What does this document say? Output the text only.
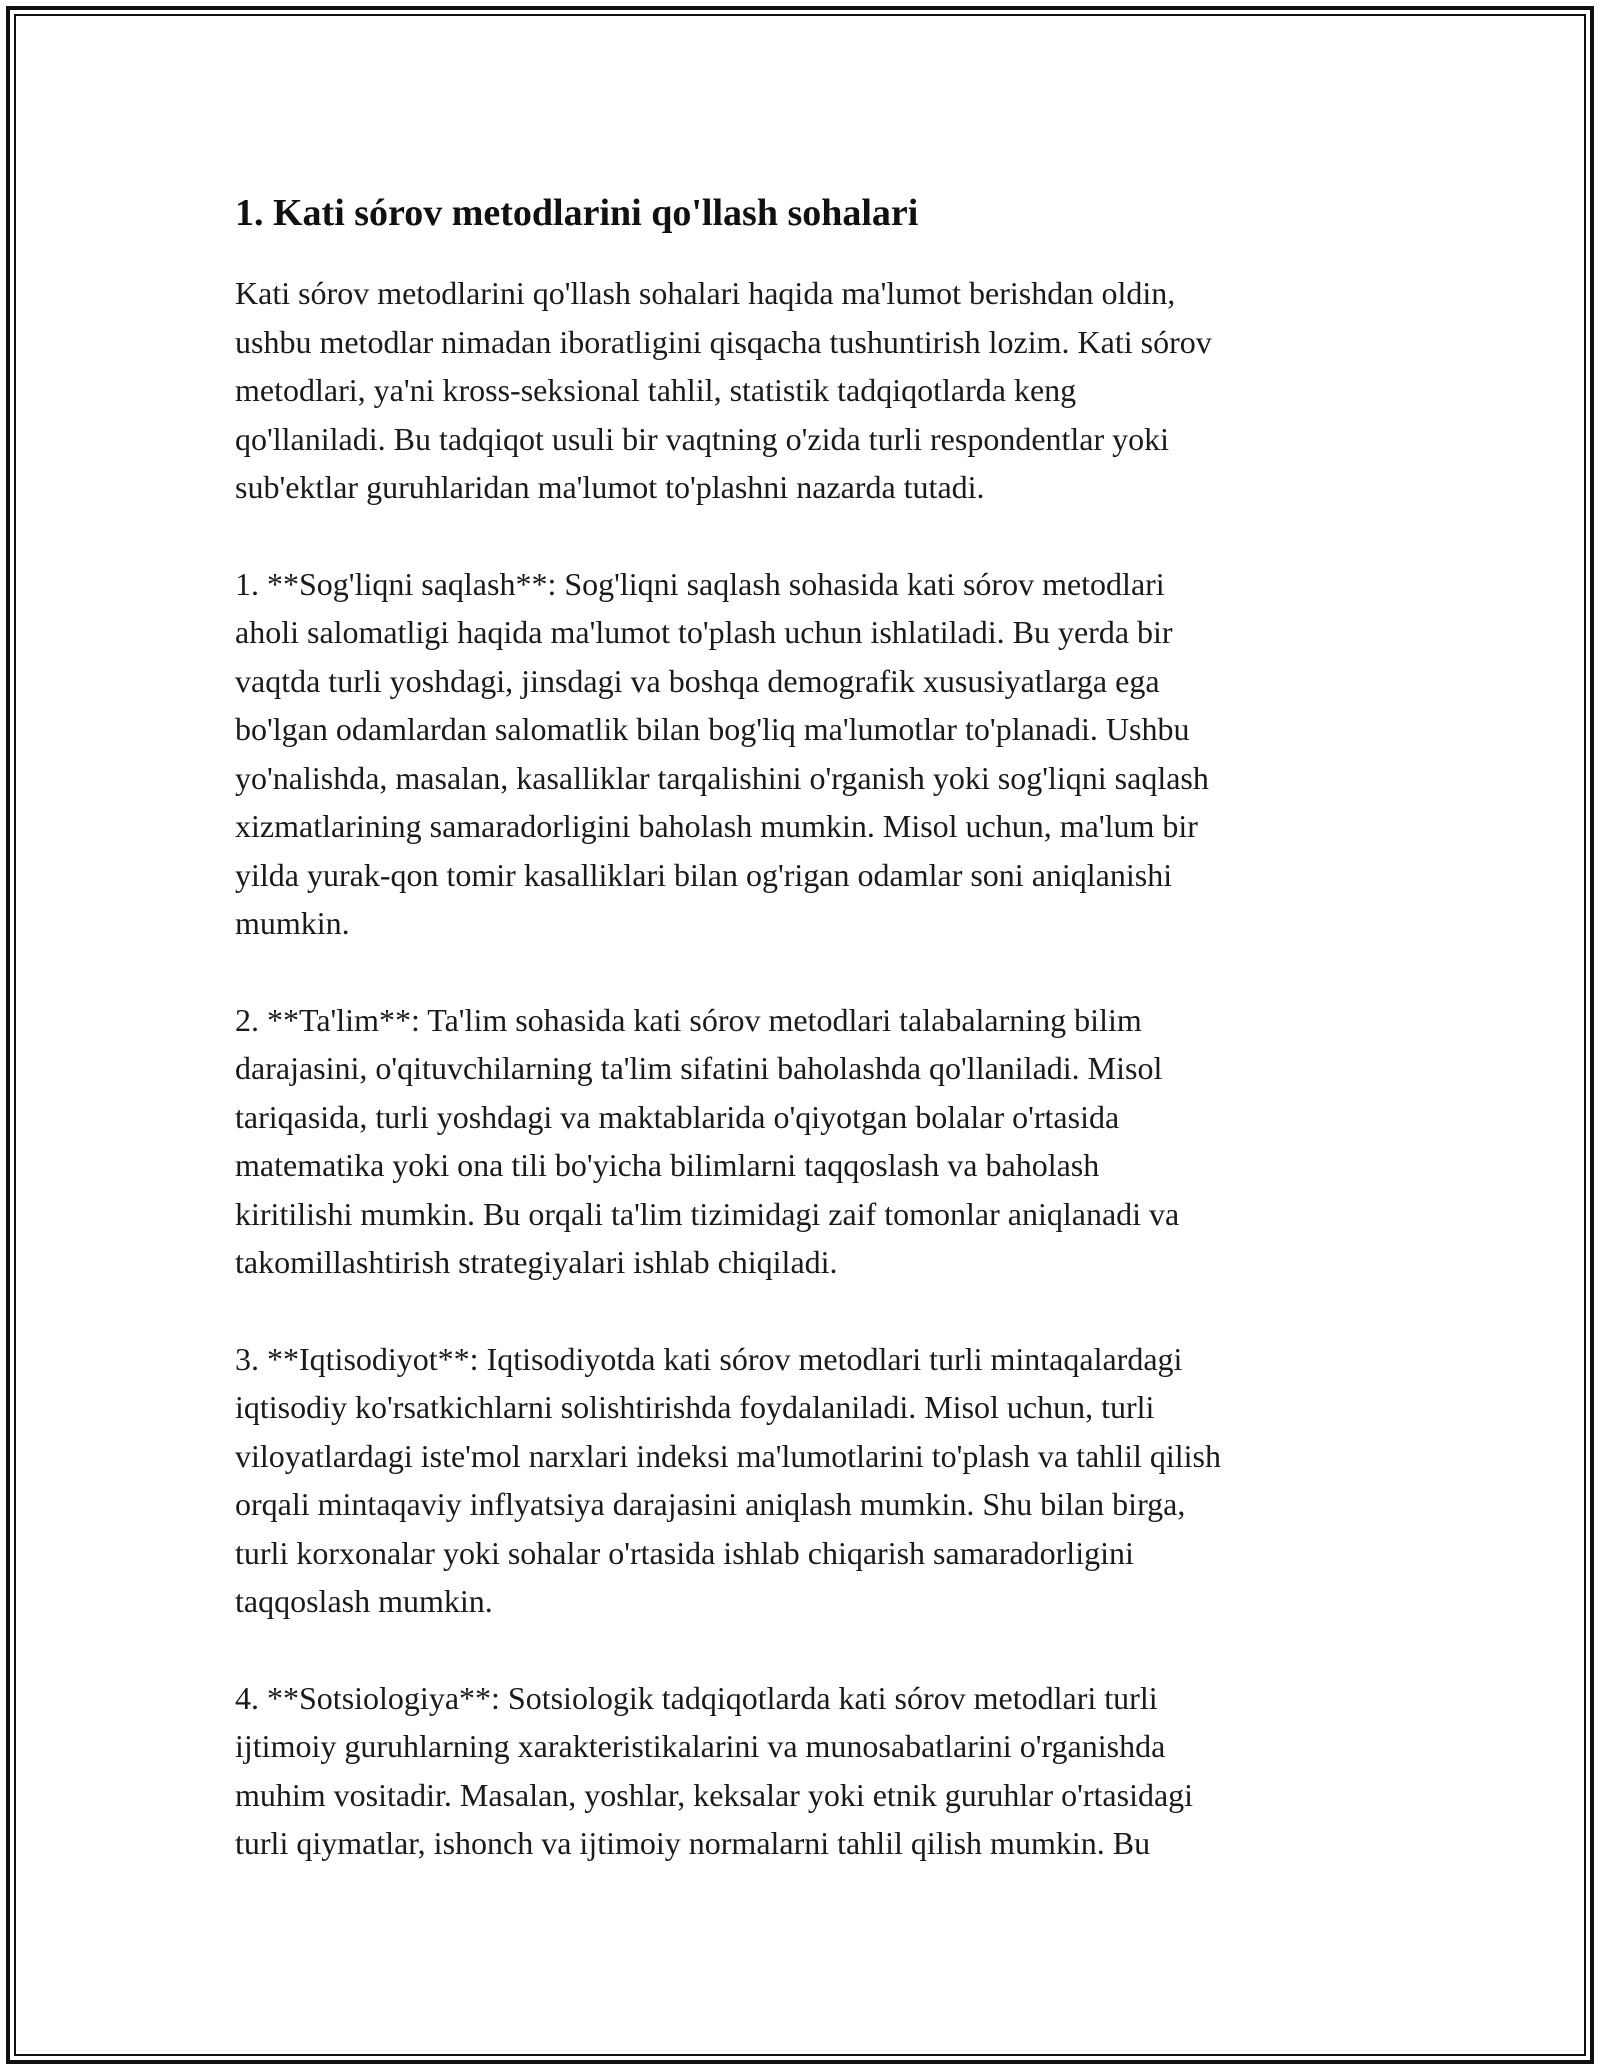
1. Kati sórov metodlarini qo'llash sohalari

Kati sórov metodlarini qo'llash sohalari haqida ma'lumot berishdan oldin,
ushbu metodlar nimadan iboratligini qisqacha tushuntirish lozim. Kati sórov
metodlari, ya'ni kross-seksional tahlil, statistik tadqiqotlarda keng
qo'llaniladi. Bu tadqiqot usuli bir vaqtning o'zida turli respondentlar yoki
sub'ektlar guruhlaridan ma'lumot to'plashni nazarda tutadi.

1. **Sog'liqni saqlash**: Sog'liqni saqlash sohasida kati sórov metodlari
aholi salomatligi haqida ma'lumot to'plash uchun ishlatiladi. Bu yerda bir
vaqtda turli yoshdagi, jinsdagi va boshqa demografik xususiyatlarga ega
bo'lgan odamlardan salomatlik bilan bog'liq ma'lumotlar to'planadi. Ushbu
yo'nalishda, masalan, kasalliklar tarqalishini o'rganish yoki sog'liqni saqlash
xizmatlarining samaradorligini baholash mumkin. Misol uchun, ma'lum bir
yilda yurak-qon tomir kasalliklari bilan og'rigan odamlar soni aniqlanishi
mumkin.

2. **Ta'lim**: Ta'lim sohasida kati sórov metodlari talabalarning bilim
darajasini, o'qituvchilarning ta'lim sifatini baholashda qo'llaniladi. Misol
tariqasida, turli yoshdagi va maktablarida o'qiyotgan bolalar o'rtasida
matematika yoki ona tili bo'yicha bilimlarni taqqoslash va baholash
kiritilishi mumkin. Bu orqali ta'lim tizimidagi zaif tomonlar aniqlanadi va
takomillashtirish strategiyalari ishlab chiqiladi.

3. **Iqtisodiyot**: Iqtisodiyotda kati sórov metodlari turli mintaqalardagi
iqtisodiy ko'rsatkichlarni solishtirishda foydalaniladi. Misol uchun, turli
viloyatlardagi iste'mol narxlari indeksi ma'lumotlarini to'plash va tahlil qilish
orqali mintaqaviy inflyatsiya darajasini aniqlash mumkin. Shu bilan birga,
turli korxonalar yoki sohalar o'rtasida ishlab chiqarish samaradorligini
taqqoslash mumkin.

4. **Sotsiologiya**: Sotsiologik tadqiqotlarda kati sórov metodlari turli
ijtimoiy guruhlarning xarakteristikalarini va munosabatlarini o'rganishda
muhim vositadir. Masalan, yoshlar, keksalar yoki etnik guruhlar o'rtasidagi
turli qiymatlar, ishonch va ijtimoiy normalarni tahlil qilish mumkin. Bu
